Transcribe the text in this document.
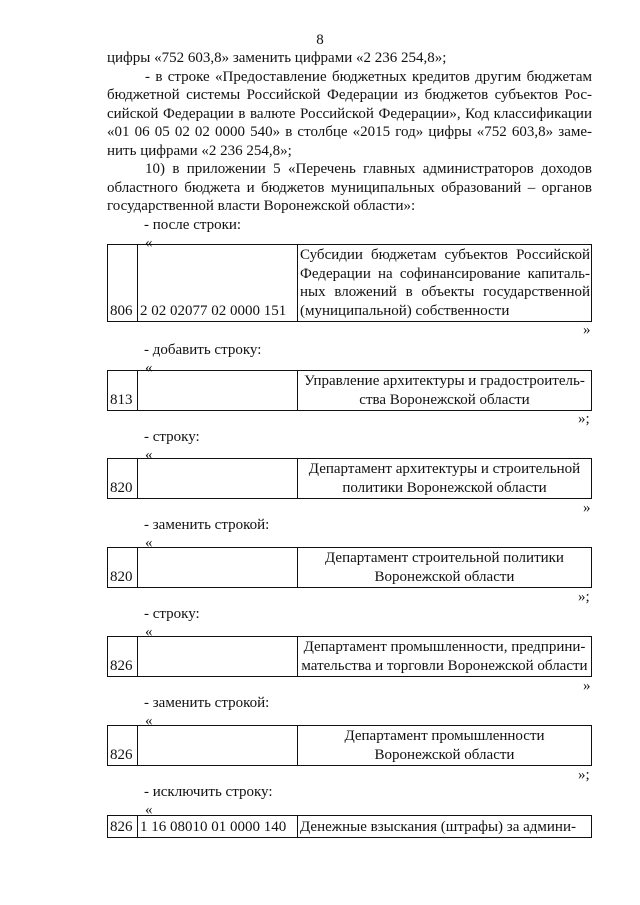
8
цифры «752 603,8» заменить цифрами «2 236 254,8»;
- в строке «Предоставление бюджетных кредитов другим бюджетам
бюджетной системы Российской Федерации из бюджетов субъектов Рос-
сийской Федерации в валюте Российской Федерации», Код классификации
«01 06 05 02 02 0000 540» в столбце «2015 год» цифры «752 603,8» заме-
нить цифрами «2 236 254,8»;
10) в приложении 5 «Перечень главных администраторов доходов
областного бюджета и бюджетов муниципальных образований – органов
государственной власти Воронежской области»:
- после строки:
«
806 2 02 02077 02 0000 151
Субсидии бюджетам субъектов Российской
Федерации на софинансирование капиталь-
ных вложений в объекты государственной
(муниципальной) собственности
»
- добавить строку:
«
813
Управление архитектуры и градостроитель-
ства Воронежской области
»;
- строку:
«
820
Департамент архитектуры и строительной
политики Воронежской области
»
- заменить строкой:
«
820
Департамент строительной политики
Воронежской области
»;
- строку:
«
826
Департамент промышленности, предприни-
мательства и торговли Воронежской области
»
- заменить строкой:
«
826
Департамент промышленности
Воронежской области
»;
- исключить строку:
«
826 1 16 08010 01 0000 140 Денежные взыскания (штрафы) за админи-
